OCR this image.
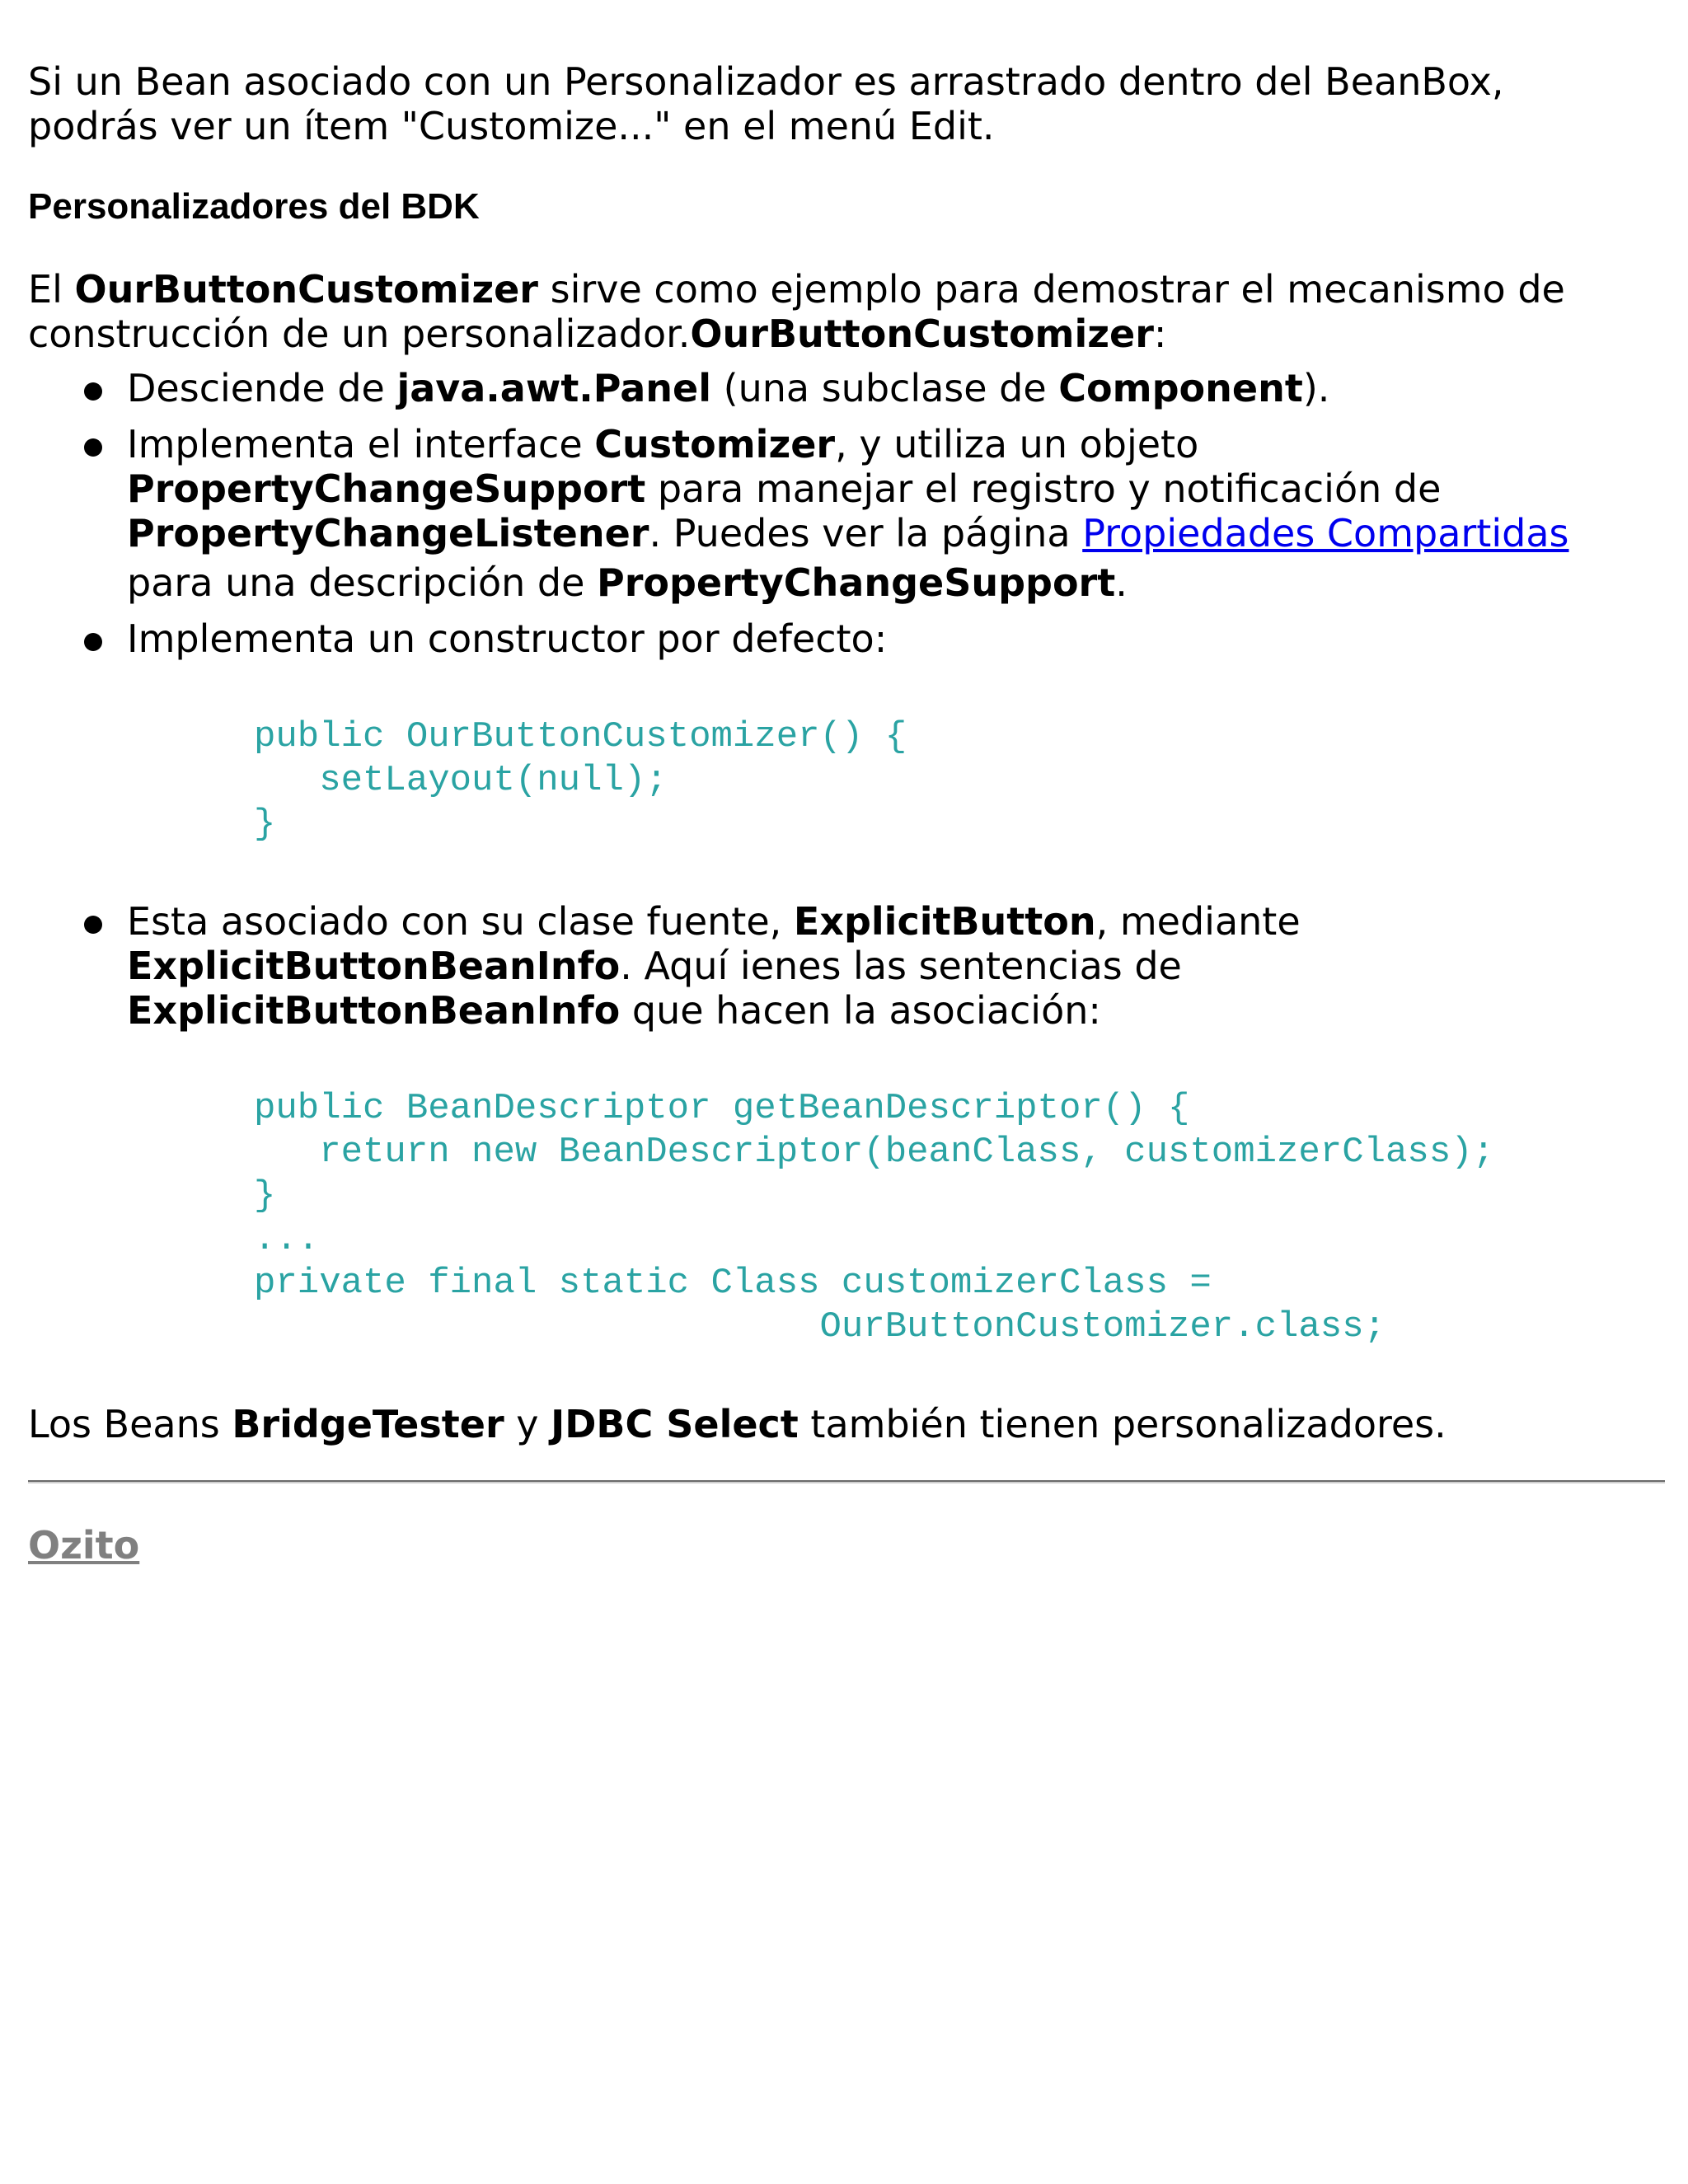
Si un Bean asociado con un Personalizador es arrastrado dentro del BeanBox,
podrás ver un ítem "Customize..." en el menú Edit.

Personalizadores del BDK

El OurButtonCustomizer sirve como ejemplo para demostrar el mecanismo de
construcción de un personalizador.OurButtonCustomizer:

Desciende de java.awt.Panel (una subclase de Component).
Implementa el interface Customizer, y utiliza un objeto
PropertyChangeSupport para manejar el registro y notificación de
PropertyChangeListener. Puedes ver la página Propiedades Compartidas
para una descripción de PropertyChangeSupport.
Implementa un constructor por defecto:
public OurButtonCustomizer() {
setLayout(null);
}
Esta asociado con su clase fuente, ExplicitButton, mediante
ExplicitButtonBeanInfo. Aquí ienes las sentencias de
ExplicitButtonBeanInfo que hacen la asociación:
public BeanDescriptor getBeanDescriptor() {
return new BeanDescriptor(beanClass, customizerClass);
}
...
private final static Class customizerClass =
OurButtonCustomizer.class;

Los Beans BridgeTester y JDBC Select también tienen personalizadores.

Ozito
